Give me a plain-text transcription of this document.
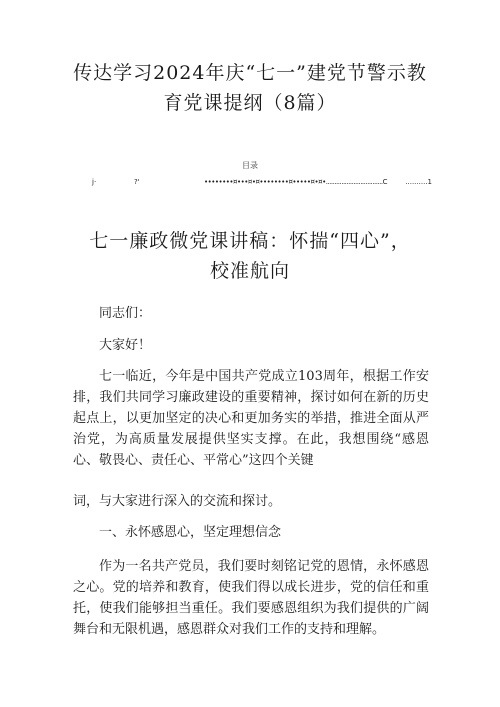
传达学习2024年庆“七一”建党节警示教育党课提纲（8篇）
目录
j·	?'	••••••••¤•••¤•¤••••••••¤•••••¤•¤•.................................C	..........1
七一廉政微党课讲稿：怀揣“四心”，校准航向

同志们：

大家好！

七一临近，今年是中国共产党成立103周年，根据工作安排，我们共同学习廉政建设的重要精神，探讨如何在新的历史起点上，以更加坚定的决心和更加务实的举措，推进全面从严治党，为高质量发展提供坚实支撑。在此，我想围绕“感恩心、敬畏心、责任心、平常心”这四个关键

词，与大家进行深入的交流和探讨。

一、永怀感恩心，坚定理想信念

作为一名共产党员，我们要时刻铭记党的恩情，永怀感恩之心。党的培养和教育，使我们得以成长进步，党的信任和重托，使我们能够担当重任。我们要感恩组织为我们提供的广阔舞台和无限机遇，感恩群众对我们工作的支持和理解。
